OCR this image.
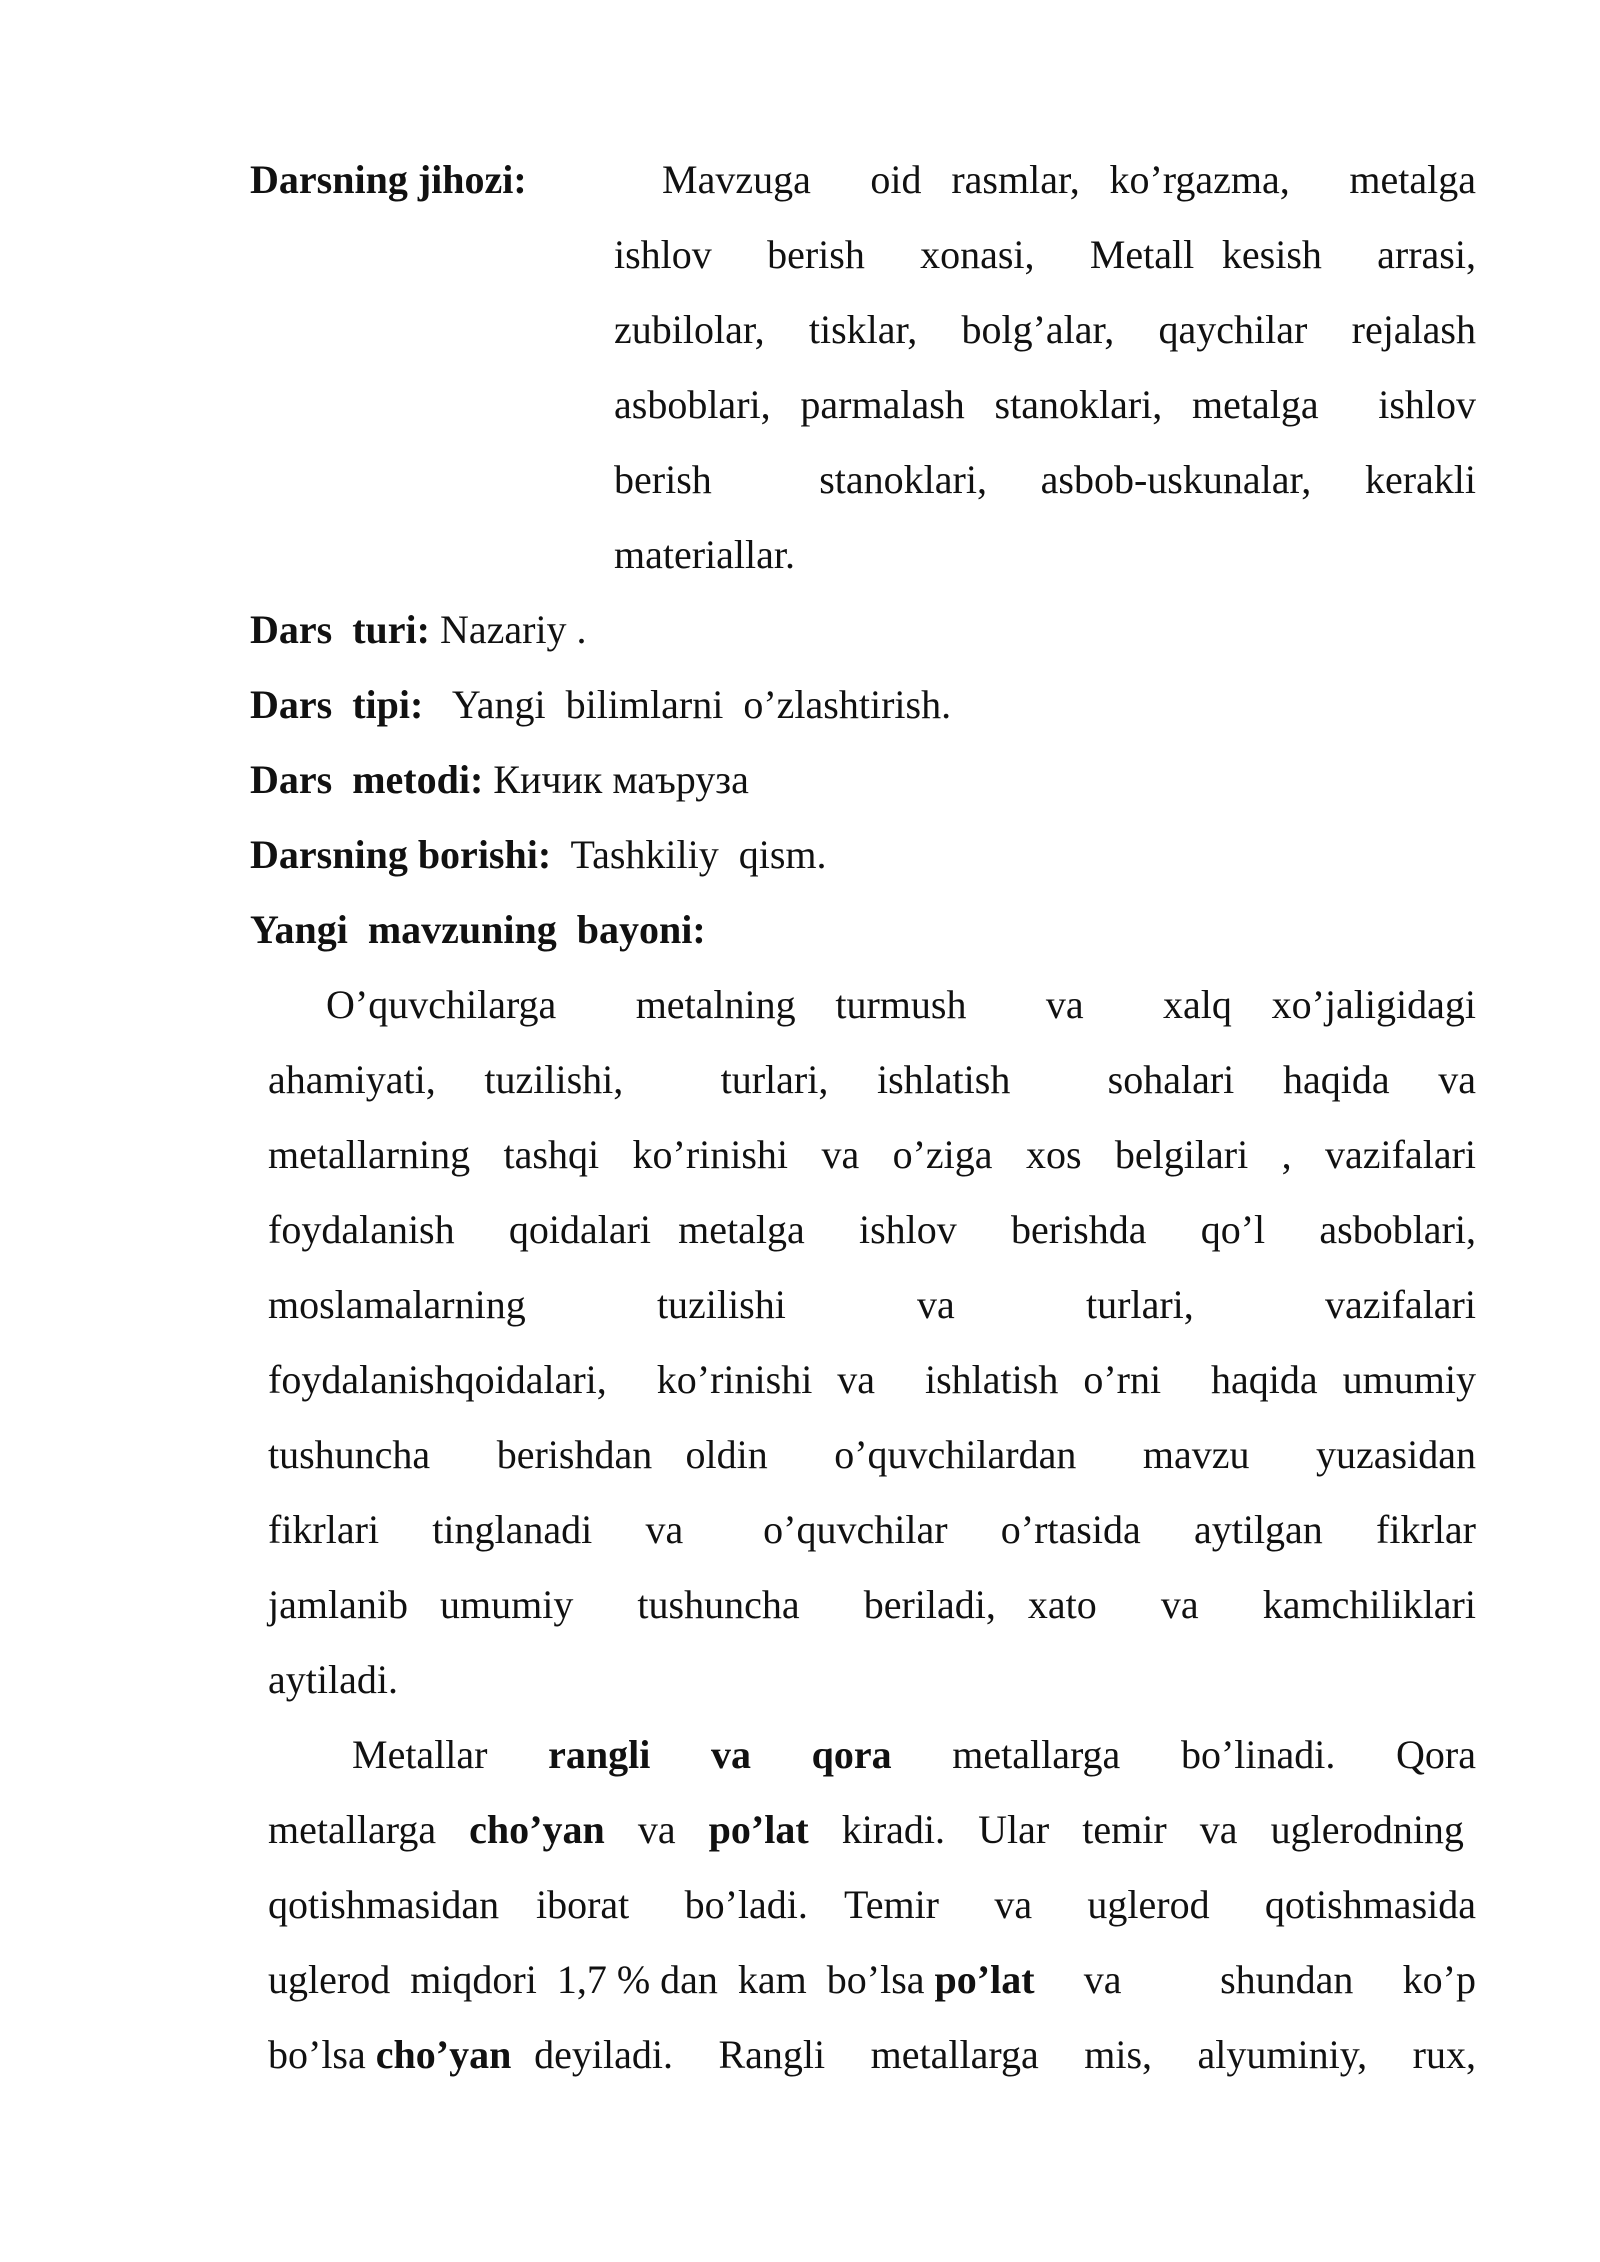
Darsning jihozi:	Mavzuga  oid rasmlar, ko’rgazma,  metalga
ishlov  berish  xonasi,  Metall kesish  arrasi,
zubilolar,  tisklar,  bolg’alar,  qaychilar  rejalash
asboblari, parmalash stanoklari, metalga  ishlov
berish    stanoklari,  asbob-uskunalar,  kerakli
materiallar.
Dars  turi: Nazariy .
Dars  tipi:   Yangi  bilimlarni  o’zlashtirish.
Dars  metodi: Кичик маъруза
Darsning borishi:  Tashkiliy  qism.
Yangi  mavzuning  bayoni:
O’quvchilarga    metalning  turmush    va    xalq  xo’jaligidagi
ahamiyati,  tuzilishi,    turlari,  ishlatish    sohalari  haqida  va
metallarning  tashqi  ko’rinishi  va  o’ziga  xos  belgilari  ,  vazifalari
foydalanish  qoidalari metalga  ishlov  berishda  qo’l  asboblari,
moslamalarning  tuzilishi  va  turlari,  vazifalari
foydalanishqoidalari,  ko’rinishi va  ishlatish o’rni  haqida umumiy
tushuncha  berishdan oldin  o’quvchilardan  mavzu  yuzasidan
fikrlari  tinglanadi  va   o’quvchilar  o’rtasida  aytilgan  fikrlar
jamlanib umumiy  tushuncha  beriladi, xato  va  kamchiliklari
aytiladi.
Metallar rangli va qora metallarga bo’linadi. Qora
metallarga cho’yan va po’lat kiradi. Ular temir va uglerodning
qotishmasidan  iborat   bo’ladi.  Temir   va   uglerod   qotishmasida
uglerod  miqdori  1,7 % dan  kam  bo’lsa po’lat va  shundan ko’p
bo’lsa cho’yan deyiladi.  Rangli  metallarga  mis,  alyuminiy,  rux,
